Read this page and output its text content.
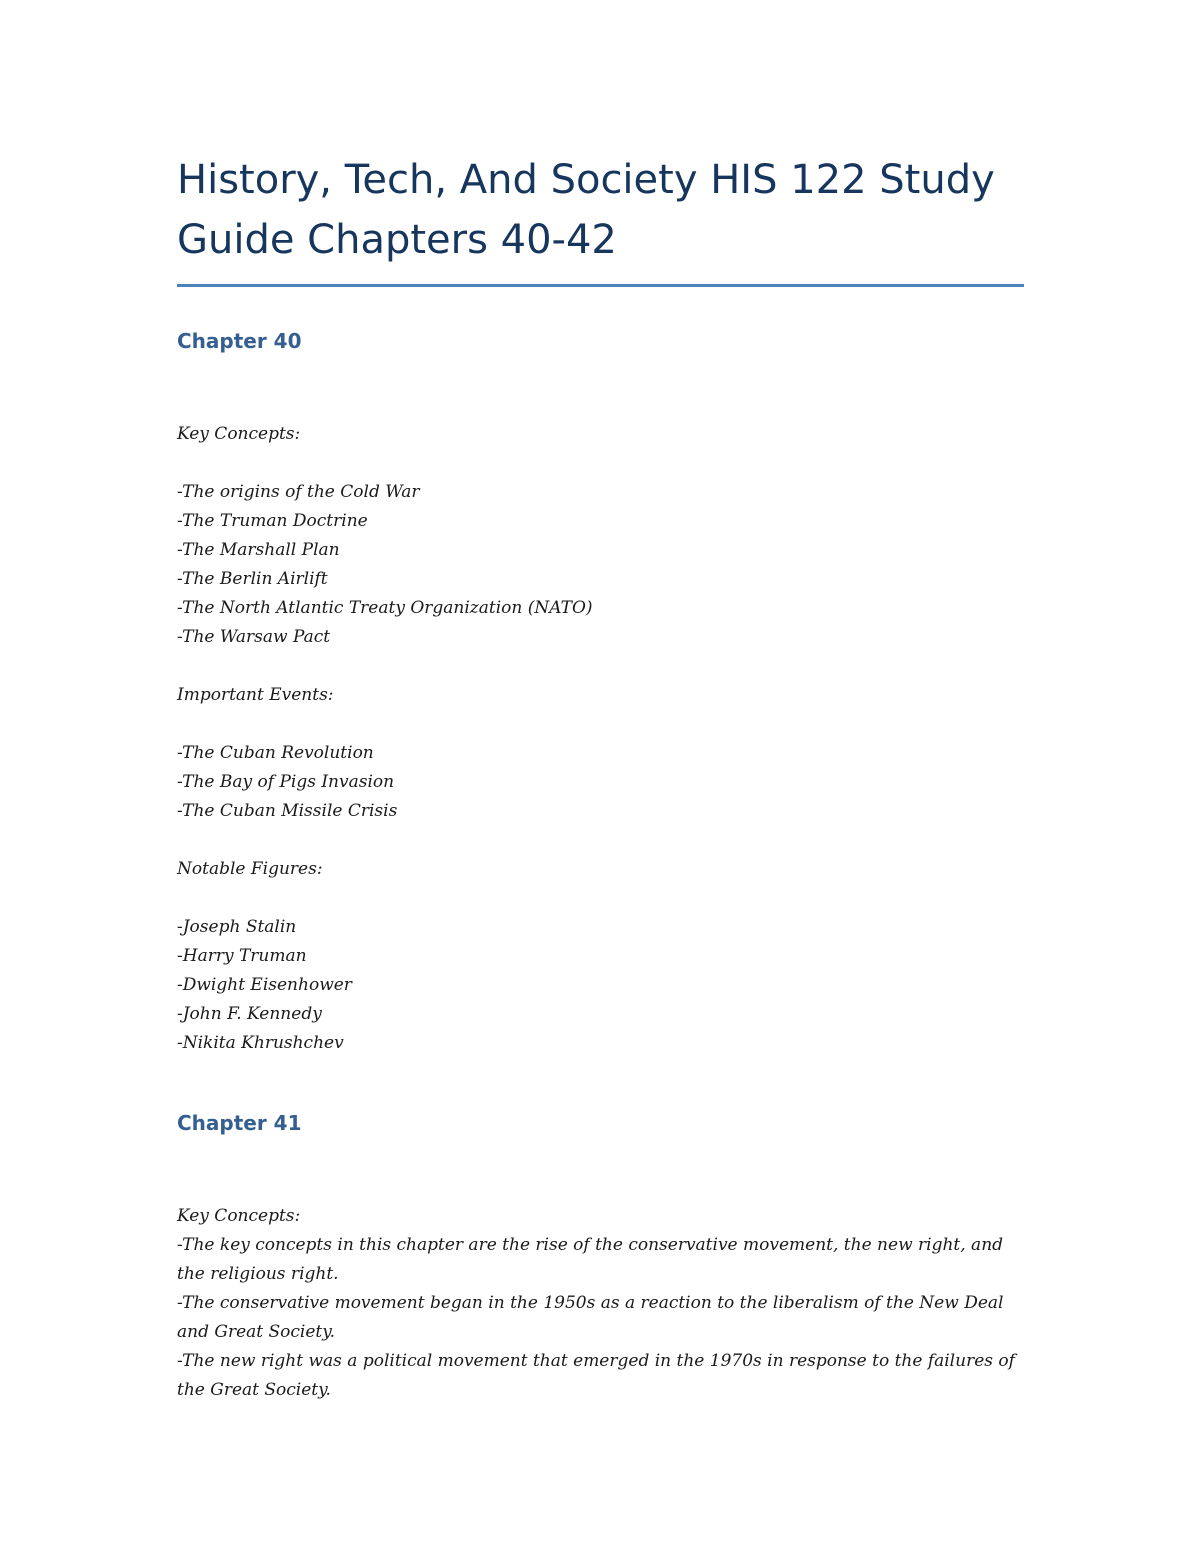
History, Tech, And Society HIS 122 Study Guide Chapters 40-42
Chapter 40

Key Concepts:

-The origins of the Cold War
-The Truman Doctrine
-The Marshall Plan
-The Berlin Airlift
-The North Atlantic Treaty Organization (NATO)
-The Warsaw Pact

Important Events:

-The Cuban Revolution
-The Bay of Pigs Invasion
-The Cuban Missile Crisis

Notable Figures:

-Joseph Stalin
-Harry Truman
-Dwight Eisenhower
-John F. Kennedy
-Nikita Khrushchev
Chapter 41

Key Concepts:

-The key concepts in this chapter are the rise of the conservative movement, the new right, and the religious right.

-The conservative movement began in the 1950s as a reaction to the liberalism of the New Deal and Great Society.

-The new right was a political movement that emerged in the 1970s in response to the failures of the Great Society.
